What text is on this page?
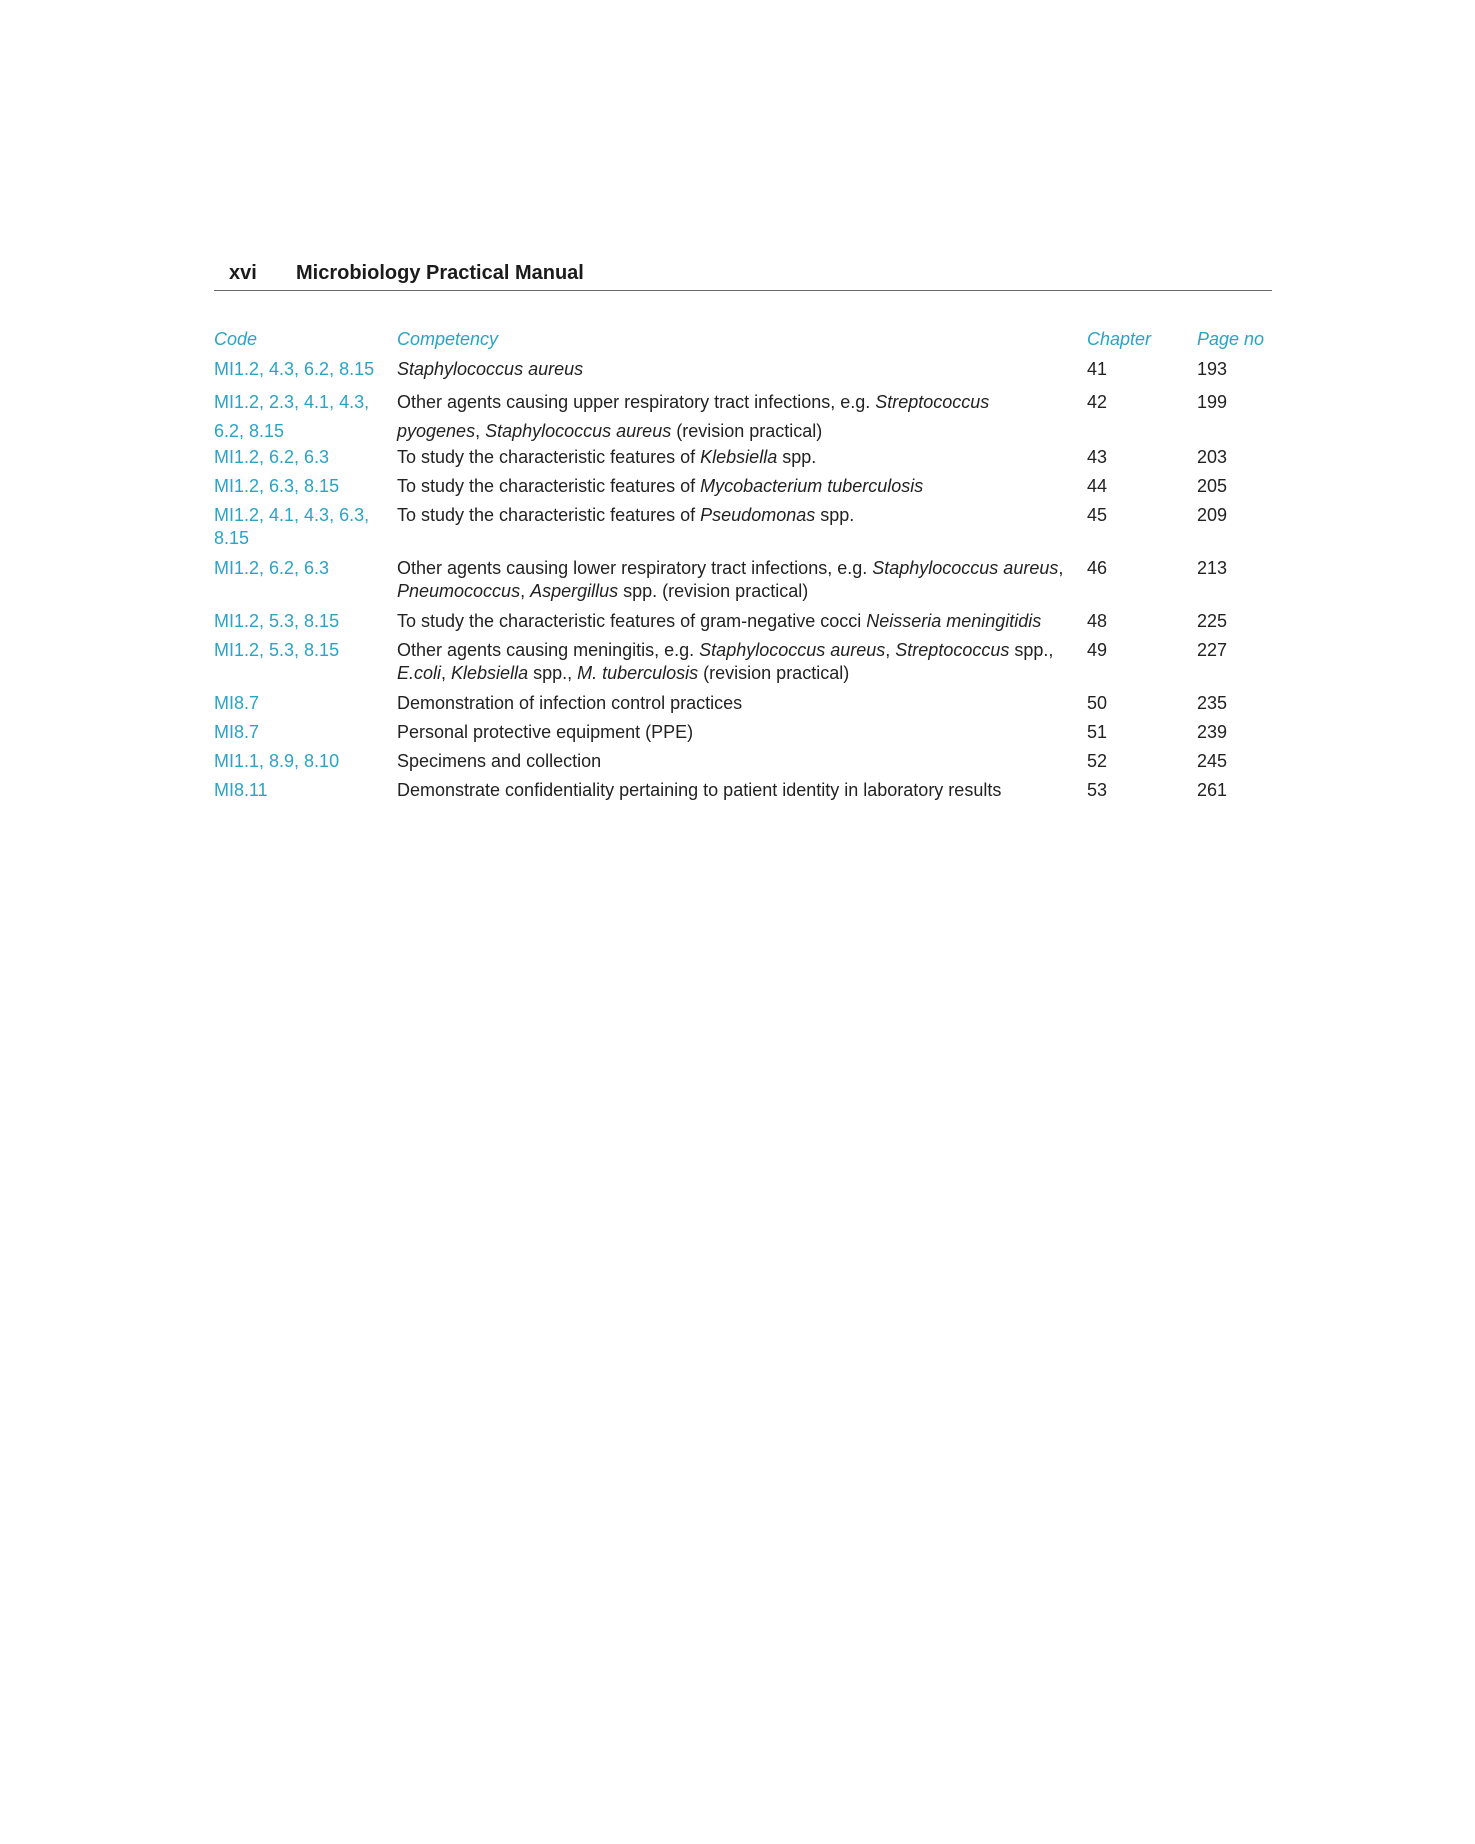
xvi Microbiology Practical Manual
Code	Competency	Chapter	Page no
MI1.2, 4.3, 6.2, 8.15	Staphylococcus aureus	41	193
MI1.2, 2.3, 4.1, 4.3, 6.2, 8.15	Other agents causing upper respiratory tract infections, e.g. Streptococcus pyogenes, Staphylococcus aureus (revision practical)	42	199
MI1.2, 6.2, 6.3	To study the characteristic features of Klebsiella spp.	43	203
MI1.2, 6.3, 8.15	To study the characteristic features of Mycobacterium tuberculosis	44	205
MI1.2, 4.1, 4.3, 6.3, 8.15	To study the characteristic features of Pseudomonas spp.	45	209
MI1.2, 6.2, 6.3	Other agents causing lower respiratory tract infections, e.g. Staphylococcus aureus, Pneumococcus, Aspergillus spp. (revision practical)	46	213
MI1.2, 5.3, 8.15	To study the characteristic features of gram-negative cocci Neisseria meningitidis	48	225
MI1.2, 5.3, 8.15	Other agents causing meningitis, e.g. Staphylococcus aureus, Streptococcus spp., E.coli, Klebsiella spp., M. tuberculosis (revision practical)	49	227
MI8.7	Demonstration of infection control practices	50	235
MI8.7	Personal protective equipment (PPE)	51	239
MI1.1, 8.9, 8.10	Specimens and collection	52	245
MI8.11	Demonstrate confidentiality pertaining to patient identity in laboratory results	53	261
